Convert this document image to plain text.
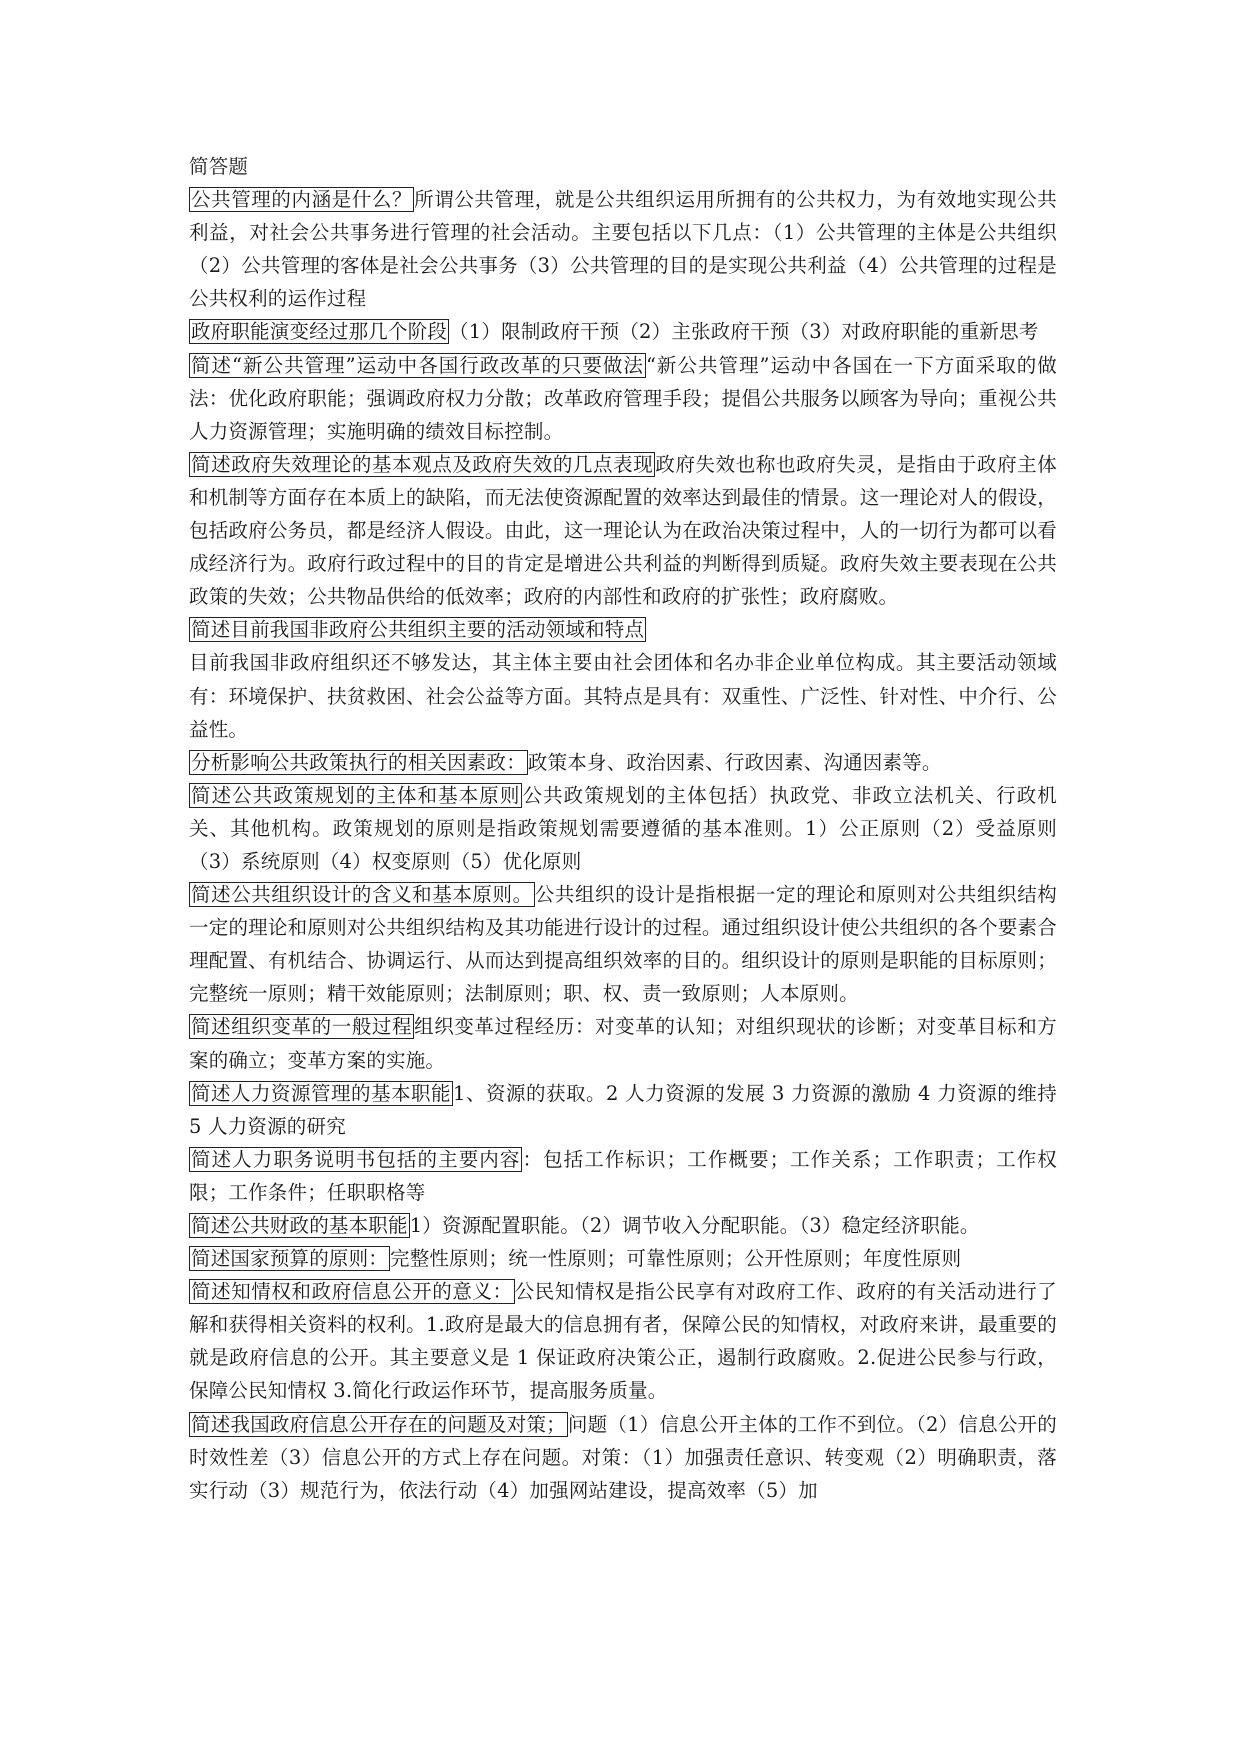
简答题
公共管理的内涵是什么？ 所谓公共管理，就是公共组织运用所拥有的公共权力，为有效地实现公共利益，对社会公共事务进行管理的社会活动。主要包括以下几点：（1）公共管理的主体是公共组织（2）公共管理的客体是社会公共事务（3）公共管理的目的是实现公共利益（4）公共管理的过程是公共权利的运作过程
政府职能演变经过那几个阶段 （1）限制政府干预（2）主张政府干预（3）对政府职能的重新思考
简述“新公共管理”运动中各国行政改革的只要做法 “新公共管理”运动中各国在一下方面采取的做法：优化政府职能；强调政府权力分散；改革政府管理手段；提倡公共服务以顾客为导向；重视公共人力资源管理；实施明确的绩效目标控制。
简述政府失效理论的基本观点及政府失效的几点表现 政府失效也称也政府失灵，是指由于政府主体和机制等方面存在本质上的缺陷，而无法使资源配置的效率达到最佳的情景。这一理论对人的假设，包括政府公务员，都是经济人假设。由此，这一理论认为在政治决策过程中，人的一切行为都可以看成经济行为。政府行政过程中的目的肯定是增进公共利益的判断得到质疑。政府失效主要表现在公共政策的失效；公共物品供给的低效率；政府的内部性和政府的扩张性；政府腐败。
简述目前我国非政府公共组织主要的活动领域和特点
目前我国非政府组织还不够发达，其主体主要由社会团体和名办非企业单位构成。其主要活动领域有：环境保护、扶贫救困、社会公益等方面。其特点是具有：双重性、广泛性、针对性、中介行、公益性。
分析影响公共政策执行的相关因素政： 政策本身、政治因素、行政因素、沟通因素等。
简述公共政策规划的主体和基本原则 公共政策规划的主体包括）执政党、非政立法机关、行政机关、其他机构。政策规划的原则是指政策规划需要遵循的基本准则。1）公正原则（2）受益原则（3）系统原则（4）权变原则（5）优化原则
简述公共组织设计的含义和基本原则。 公共组织的设计是指根据一定的理论和原则对公共组织结构一定的理论和原则对公共组织结构及其功能进行设计的过程。通过组织设计使公共组织的各个要素合理配置、有机结合、协调运行、从而达到提高组织效率的目的。组织设计的原则是职能的目标原则；完整统一原则；精干效能原则；法制原则；职、权、责一致原则；人本原则。
简述组织变革的一般过程 组织变革过程经历：对变革的认知；对组织现状的诊断；对变革目标和方案的确立；变革方案的实施。
简述人力资源管理的基本职能 1、资源的获取。2 人力资源的发展 3 力资源的激励 4 力资源的维持 5 人力资源的研究
简述人力职务说明书包括的主要内容 ：包括工作标识；工作概要；工作关系；工作职责；工作权限；工作条件；任职职格等
简述公共财政的基本职能 1）资源配置职能。（2）调节收入分配职能。（3）稳定经济职能。
简述国家预算的原则： 完整性原则；统一性原则；可靠性原则；公开性原则；年度性原则
简述知情权和政府信息公开的意义： 公民知情权是指公民享有对政府工作、政府的有关活动进行了解和获得相关资料的权利。1.政府是最大的信息拥有者，保障公民的知情权，对政府来讲，最重要的就是政府信息的公开。其主要意义是 1 保证政府决策公正，遏制行政腐败。2.促进公民参与行政，保障公民知情权 3.简化行政运作环节，提高服务质量。
简述我国政府信息公开存在的问题及对策； 问题（1）信息公开主体的工作不到位。（2）信息公开的时效性差（3）信息公开的方式上存在问题。对策：（1）加强责任意识、转变观（2）明确职责，落实行动（3）规范行为，依法行动（4）加强网站建设，提高效率（5）加
